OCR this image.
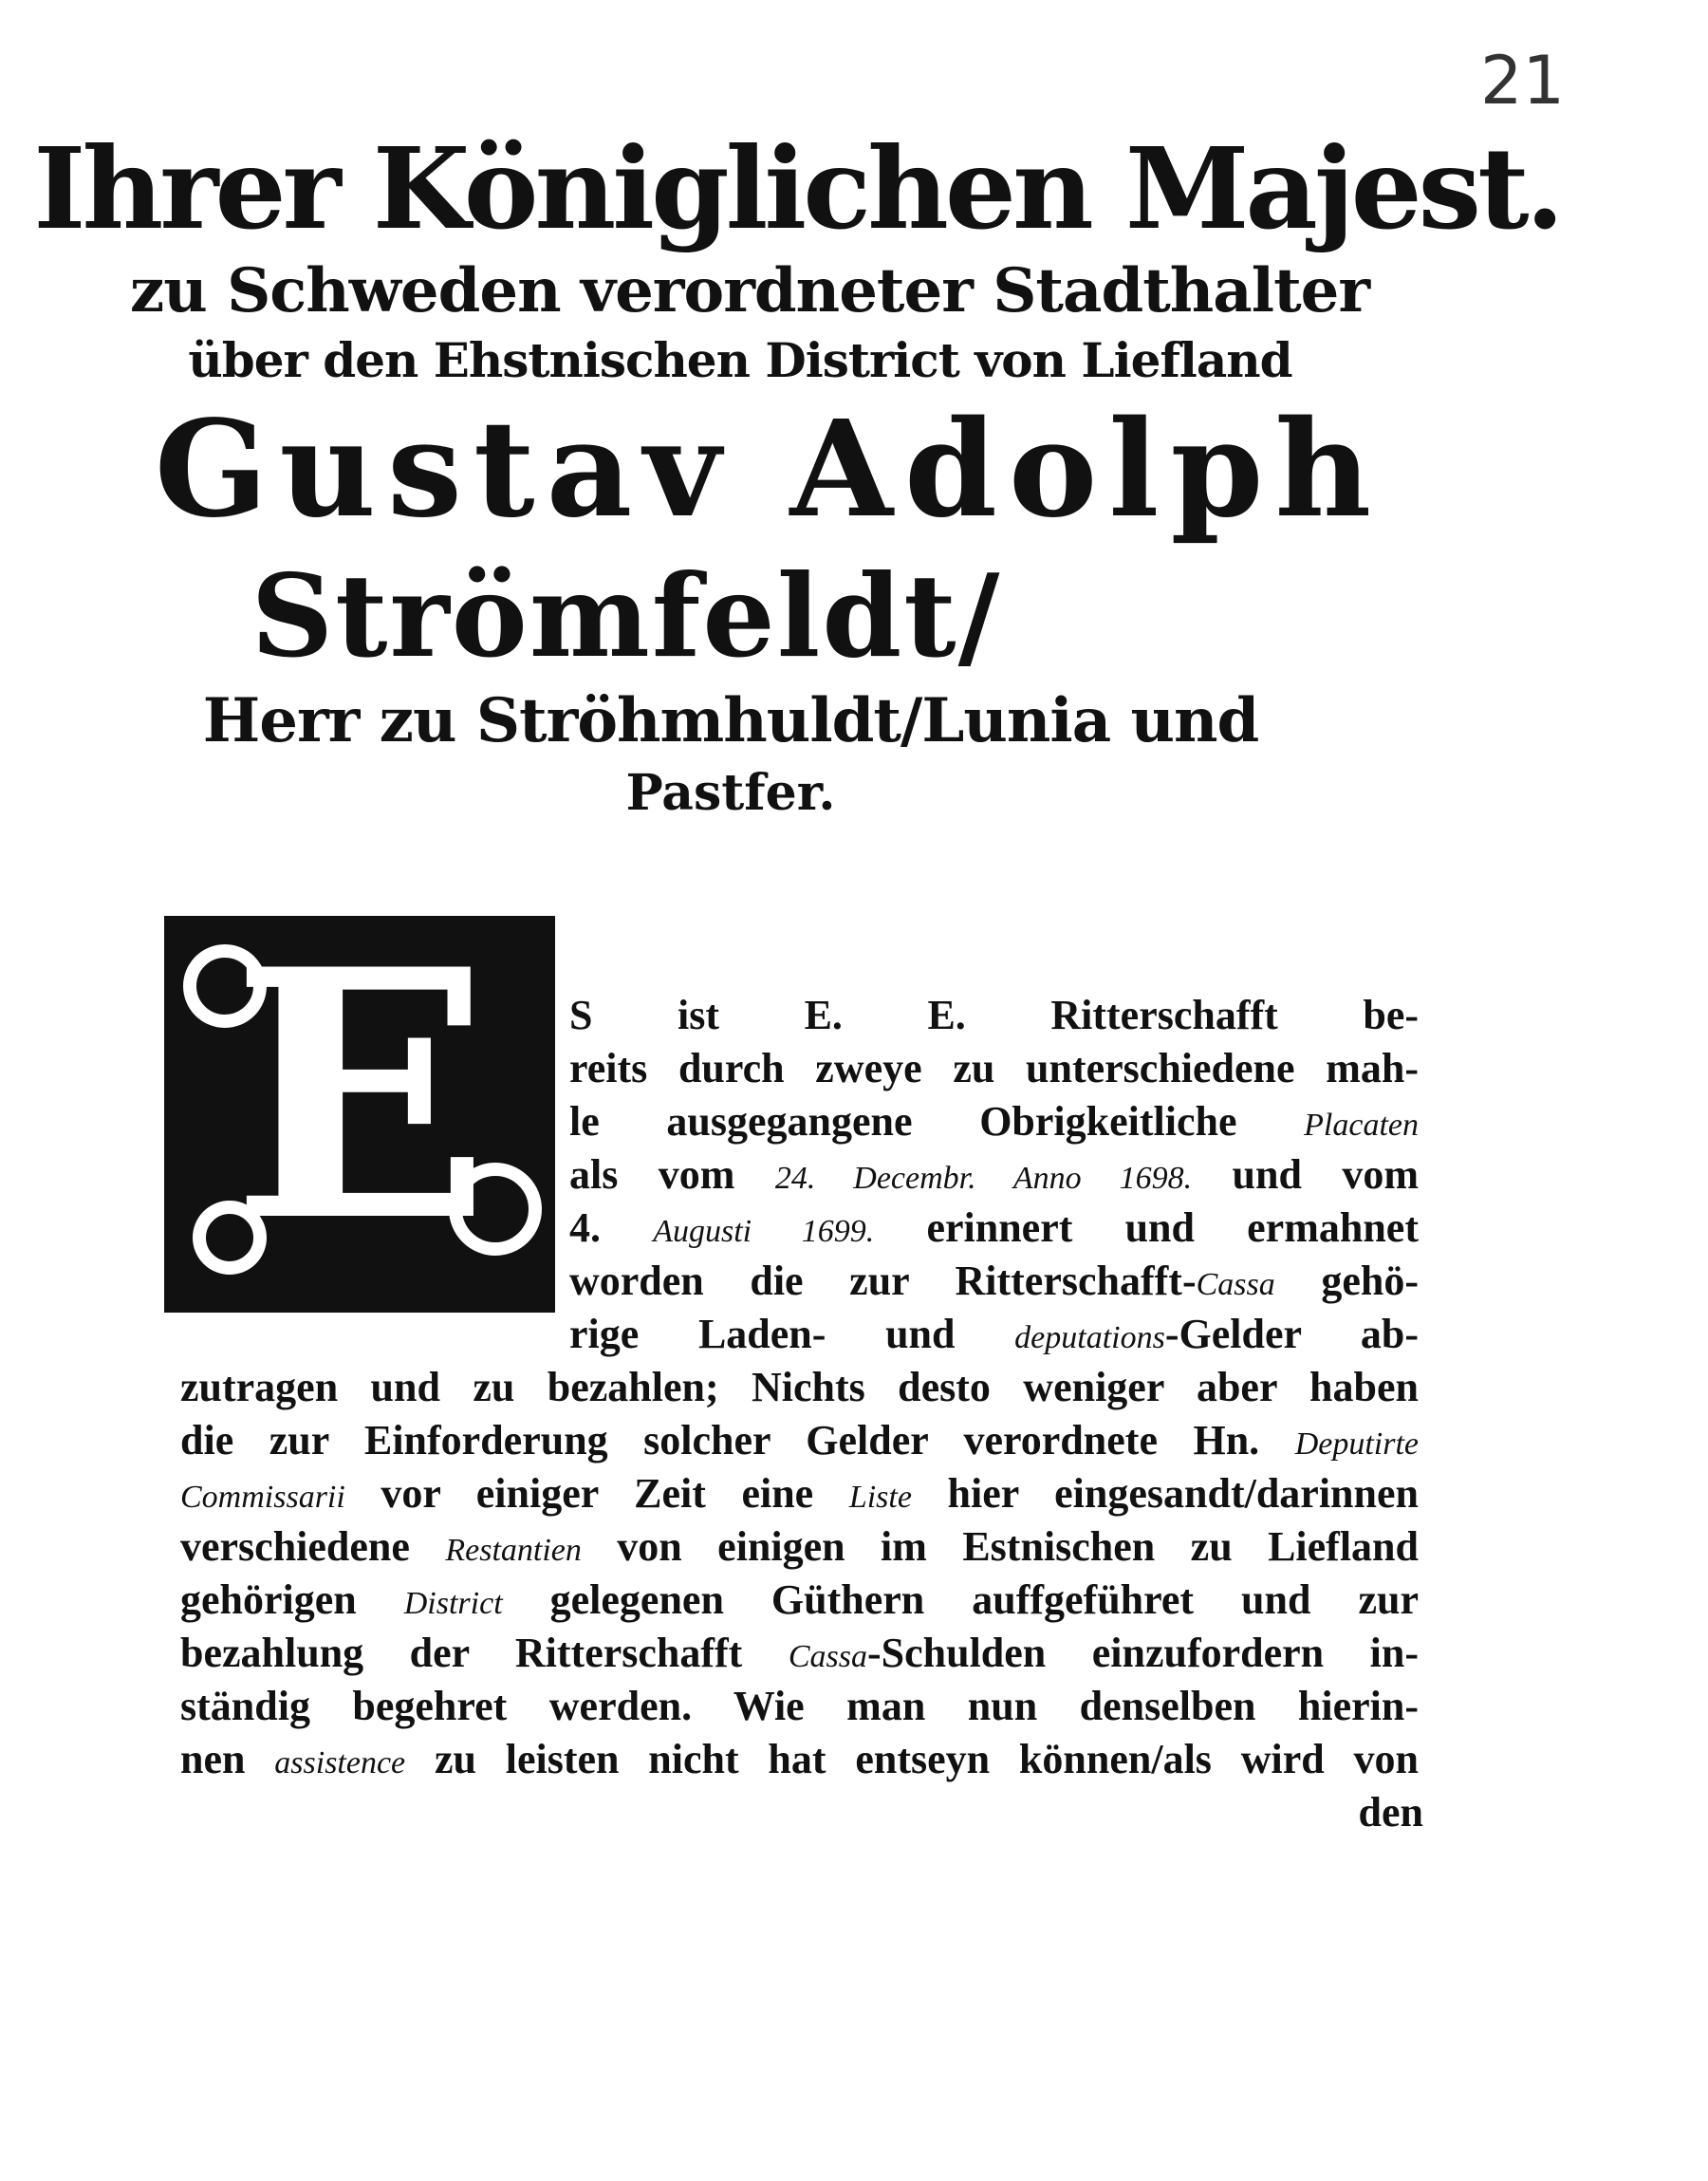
Ihrer Königlichen Majest.
zu Schweden verordneter Stadthalter
über den Ehstnischen District von Liefland
Gustav Adolph
Strömfeldt/
Herr zu Ströhmhuldt/Lunia und
Pastfer.
21
E S ist E. E. Ritterschafft be-
reits durch zweye zu unterschiedene mah-
le ausgegangene Obrigkeitliche Placaten
als vom 24. Decembr. Anno 1698. und vom
4. Augusti 1699. erinnert und ermahnet
worden die zur Ritterschafft-Cassa gehö-
rige Laden- und deputations-Gelder ab-
zutragen und zu bezahlen; Nichts desto weniger aber haben
die zur Einforderung solcher Gelder verordnete Hn. Deputirte
Commissarii vor einiger Zeit eine Liste hier eingesandt/darinnen
verschiedene Restantien von einigen im Estnischen zu Liefland
gehörigen District gelegenen Güthern auffgeführet und zur
bezahlung der Ritterschafft Cassa-Schulden einzufordern in-
ständig begehret werden. Wie man nun denselben hierin-
nen assistence zu leisten nicht hat entseyn können/als wird von
den
